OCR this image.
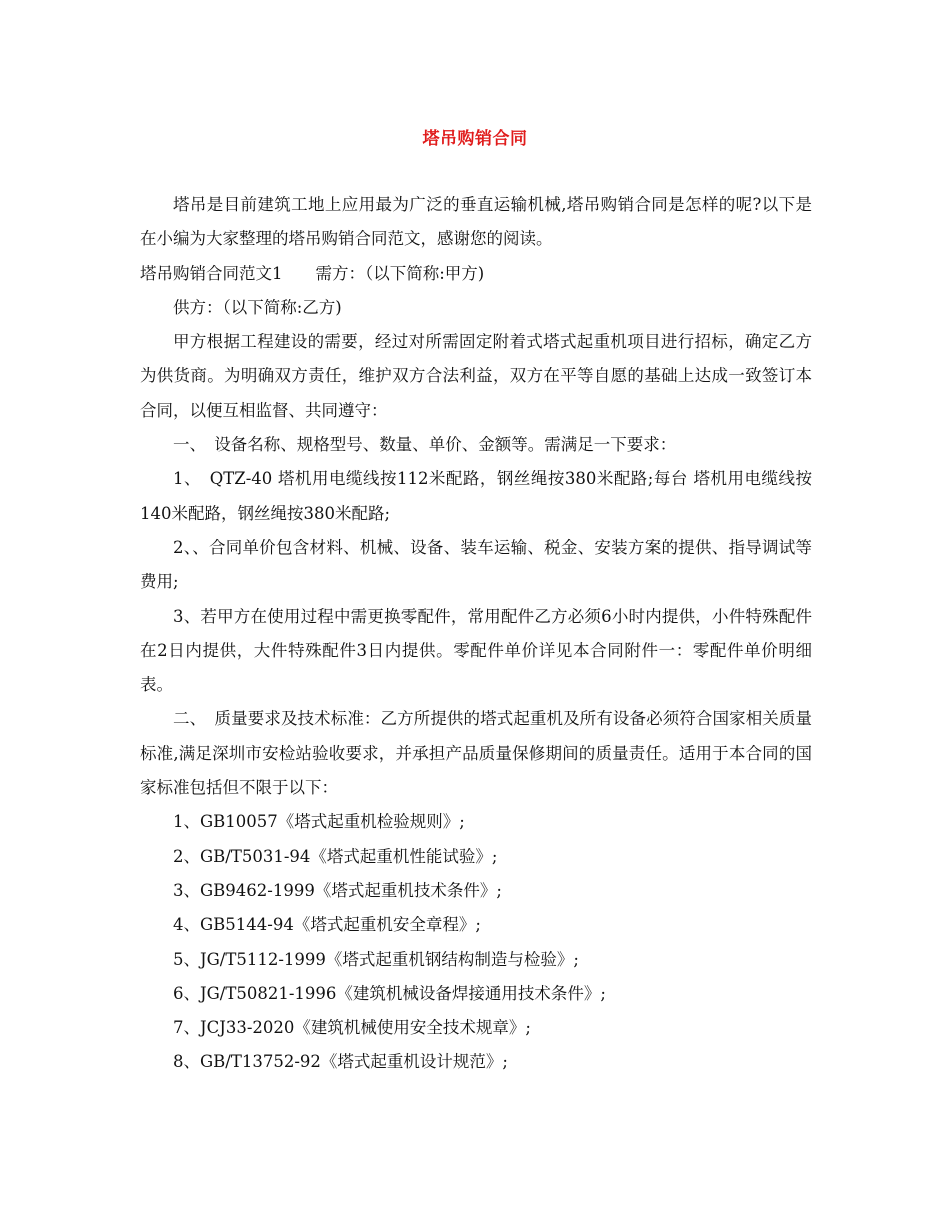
塔吊购销合同

塔吊是目前建筑工地上应用最为广泛的垂直运输机械,塔吊购销合同是怎样的呢?以下是在小编为大家整理的塔吊购销合同范文，感谢您的阅读。

塔吊购销合同范文1　　需方：（以下简称:甲方)

供方：（以下简称:乙方)

甲方根据工程建设的需要，经过对所需固定附着式塔式起重机项目进行招标，确定乙方为供货商。为明确双方责任，维护双方合法利益，双方在平等自愿的基础上达成一致签订本合同，以便互相监督、共同遵守：

一、　设备名称、规格型号、数量、单价、金额等。需满足一下要求：

1、　QTZ-40 塔机用电缆线按112米配路，钢丝绳按380米配路;每台 塔机用电缆线按140米配路，钢丝绳按380米配路;

2、、合同单价包含材料、机械、设备、装车运输、税金、安装方案的提供、指导调试等费用;

3、若甲方在使用过程中需更换零配件，常用配件乙方必须6小时内提供，小件特殊配件在2日内提供，大件特殊配件3日内提供。零配件单价详见本合同附件一：零配件单价明细表。

二、　质量要求及技术标准：乙方所提供的塔式起重机及所有设备必须符合国家相关质量标准,满足深圳市安检站验收要求，并承担产品质量保修期间的质量责任。适用于本合同的国家标准包括但不限于以下：

1、GB10057《塔式起重机检验规则》;

2、GB/T5031-94《塔式起重机性能试验》;

3、GB9462-1999《塔式起重机技术条件》;

4、GB5144-94《塔式起重机安全章程》;

5、JG/T5112-1999《塔式起重机钢结构制造与检验》;

6、JG/T50821-1996《建筑机械设备焊接通用技术条件》;

7、JCJ33-2020《建筑机械使用安全技术规章》;

8、GB/T13752-92《塔式起重机设计规范》;
